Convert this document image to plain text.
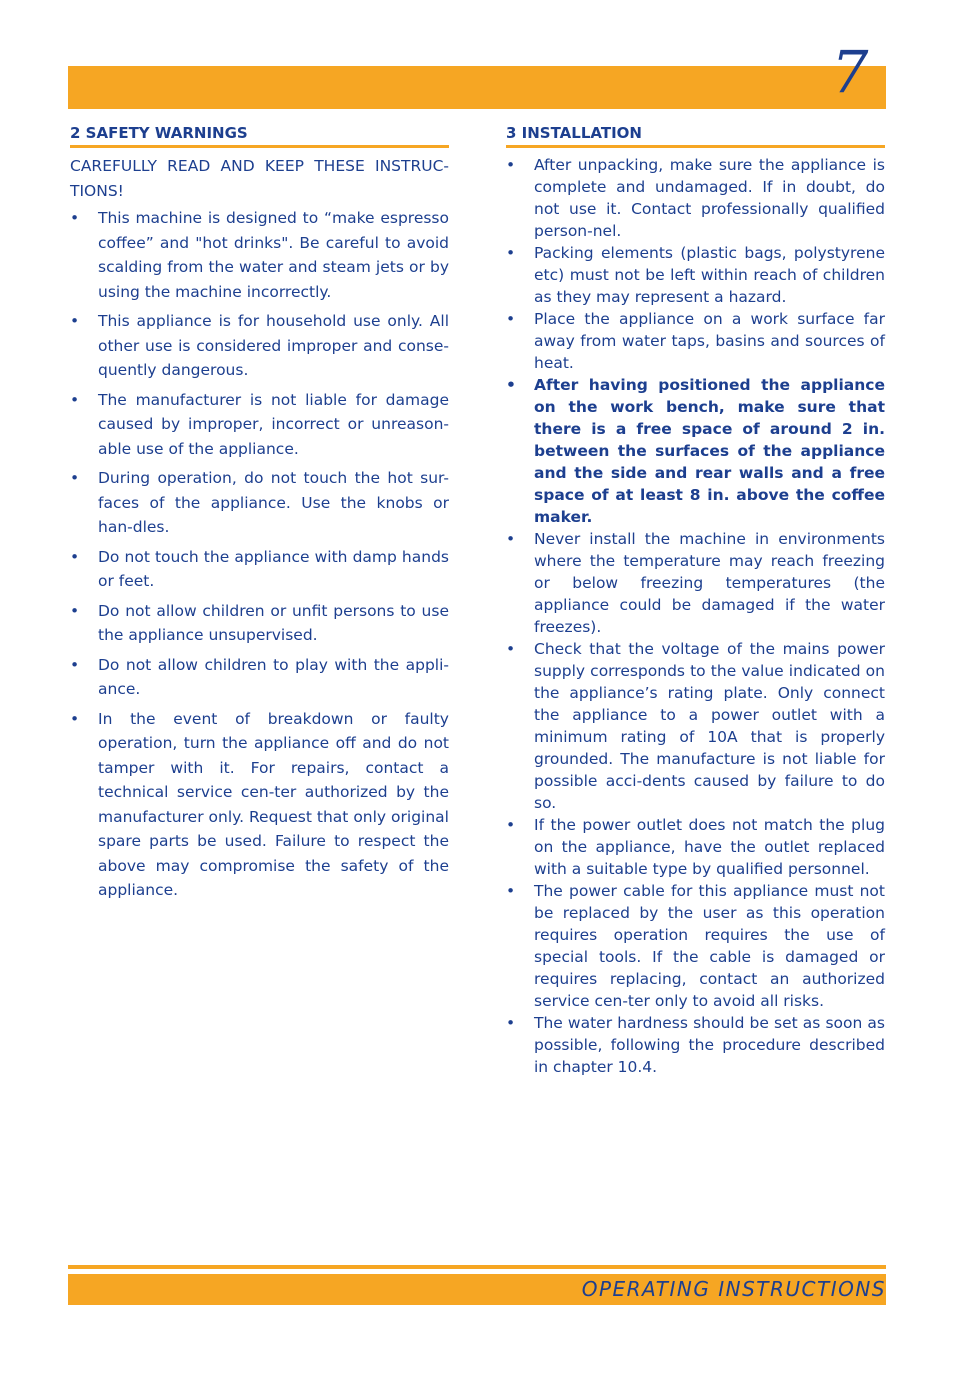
7
2 SAFETY WARNINGS

CAREFULLY READ AND KEEP THESE INSTRUC-TIONS!

• This machine is designed to “make espresso coffee” and "hot drinks". Be careful to avoid scalding from the water and steam jets or by using the machine incorrectly.
• This appliance is for household use only. All other use is considered improper and conse-quently dangerous.
• The manufacturer is not liable for damage caused by improper, incorrect or unreason-able use of the appliance.
• During operation, do not touch the hot sur-faces of the appliance. Use the knobs or han-dles.
• Do not touch the appliance with damp hands or feet.
• Do not allow children or unfit persons to use the appliance unsupervised.
• Do not allow children to play with the appli-ance.
• In the event of breakdown or faulty operation, turn the appliance off and do not tamper with it. For repairs, contact a technical service cen-ter authorized by the manufacturer only. Request that only original spare parts be used. Failure to respect the above may compromise the safety of the appliance.
3 INSTALLATION
• After unpacking, make sure the appliance is complete and undamaged. If in doubt, do not use it. Contact professionally qualified person-nel.
• Packing elements (plastic bags, polystyrene etc) must not be left within reach of children as they may represent a hazard.
• Place the appliance on a work surface far away from water taps, basins and sources of heat.
• After having positioned the appliance on the work bench, make sure that there is a free space of around 2 in. between the surfaces of the appliance and the side and rear walls and a free space of at least 8 in. above the coffee maker.
• Never install the machine in environments where the temperature may reach freezing or below freezing temperatures (the appliance could be damaged if the water freezes).
• Check that the voltage of the mains power supply corresponds to the value indicated on the appliance’s rating plate. Only connect the appliance to a power outlet with a minimum rating of 10A that is properly grounded. The manufacture is not liable for possible acci-dents caused by failure to do so.
• If the power outlet does not match the plug on the appliance, have the outlet replaced with a suitable type by qualified personnel.
• The power cable for this appliance must not be replaced by the user as this operation requires operation requires the use of special tools. If the cable is damaged or requires replacing, contact an authorized service cen-ter only to avoid all risks.
• The water hardness should be set as soon as possible, following the procedure described in chapter 10.4.
OPERATING INSTRUCTIONS
